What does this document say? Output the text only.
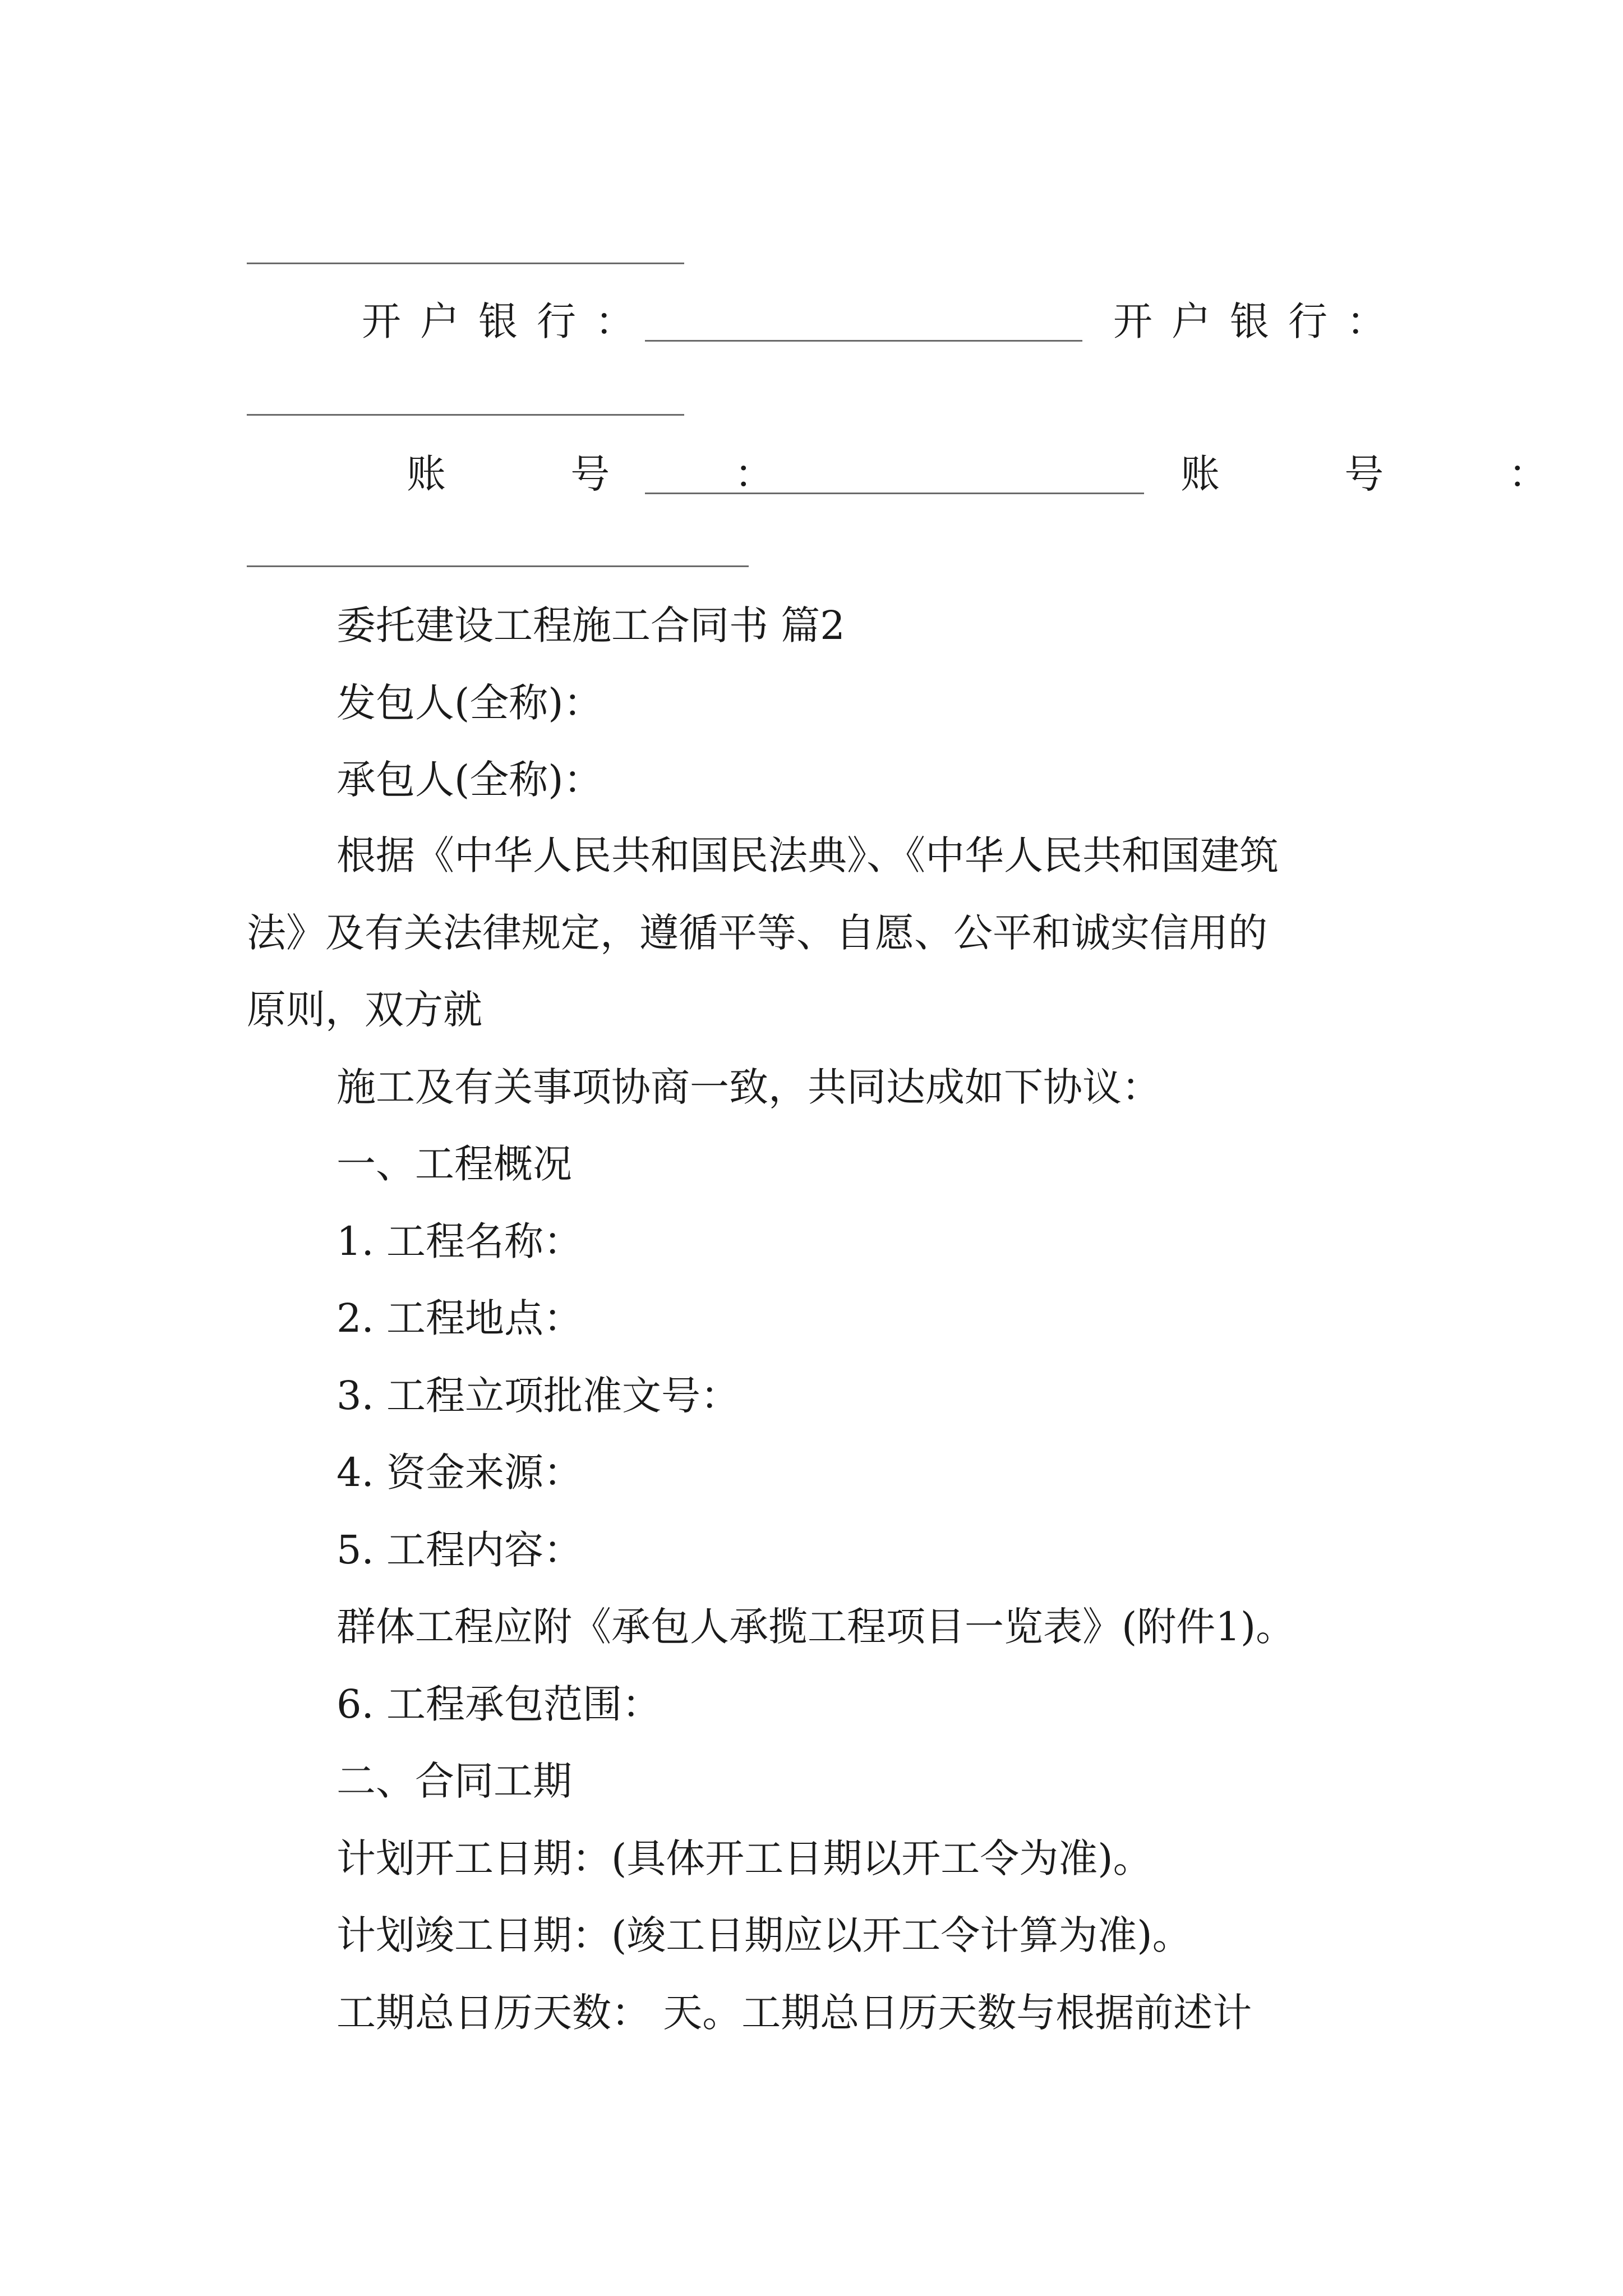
开户银行：	开户银行：
账 号 ：	账 号 ：
委托建设工程施工合同书 篇2
发包人(全称)：
承包人(全称)：
根据《中华人民共和国民法典》、《中华人民共和国建筑
法》及有关法律规定，遵循平等、自愿、公平和诚实信用的
原则，双方就
施工及有关事项协商一致，共同达成如下协议：
一、工程概况
1. 工程名称：
2. 工程地点：
3. 工程立项批准文号：
4. 资金来源：
5. 工程内容：
群体工程应附《承包人承揽工程项目一览表》(附件1)。
6. 工程承包范围：
二、合同工期
计划开工日期：(具体开工日期以开工令为准)。
计划竣工日期：(竣工日期应以开工令计算为准)。
工期总日历天数： 天。工期总日历天数与根据前述计
